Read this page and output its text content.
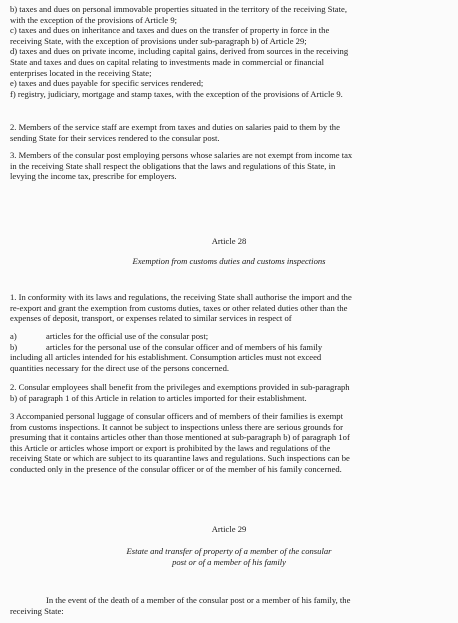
b) taxes and dues on personal immovable properties situated in the territory of the receiving State,
with the exception of the provisions of Article 9;
c) taxes and dues on inheritance and taxes and dues on the transfer of property in force in the
receiving State, with the exception of provisions under sub-paragraph b) of Article 29;
d) taxes and dues on private income, including capital gains, derived from sources in the receiving
State and taxes and dues on capital relating to investments made in commercial or financial
enterprises located in the receiving State;
e) taxes and dues payable for specific services rendered;
f) registry, judiciary, mortgage and stamp taxes, with the exception of the provisions of Article 9.
2. Members of the service staff are exempt from taxes and duties on salaries paid to them by the
sending State for their services rendered to the consular post.
3. Members of the consular post employing persons whose salaries are not exempt from income tax
in the receiving State shall respect the obligations that the laws and regulations of this State, in
levying the income tax, prescribe for employers.
Article 28
Exemption from customs duties and customs inspections
1. In conformity with its laws and regulations, the receiving State shall authorise the import and the
re-export and grant the exemption from customs duties, taxes or other related duties other than the
expenses of deposit, transport, or expenses related to similar services in respect of
a)	articles for the official use of the consular post;
b)	articles for the personal use of the consular officer and of members of his family
including all articles intended for his establishment. Consumption articles must not exceed
quantities necessary for the direct use of the persons concerned.
2. Consular employees shall benefit from the privileges and exemptions provided in sub-paragraph
b) of paragraph 1 of this Article in relation to articles imported for their establishment.
3 Accompanied personal luggage of consular officers and of members of their families is exempt
from customs inspections. It cannot be subject to inspections unless there are serious grounds for
presuming that it contains articles other than those mentioned at sub-paragraph b) of paragraph 1of
this Article or articles whose import or export is prohibited by the laws and regulations of the
receiving State or which are subject to its quarantine laws and regulations. Such inspections can be
conducted only in the presence of the consular officer or of the member of his family concerned.
Article 29
Estate and transfer of property of a member of the consular
post or of a member of his family
In the event of the death of a member of the consular post or a member of his family, the
receiving State:
